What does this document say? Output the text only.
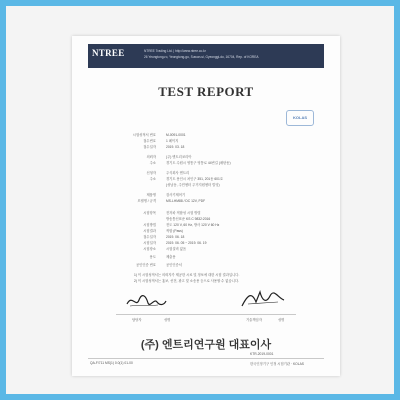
NTREE	NTREE Trading Ltd. | http://www.ntree.co.kr
26 Yeongtong-ro, Yeongtong-gu, Suwon-si, Gyeonggi-do, 16704, Rep. of KOREA
TEST REPORT
KOLAS
시험성적서 번호	M-0091-0001
접수번호	1 페이지
접수일자	2019. 03. 18
의뢰자	(주) 엔트리코리아
주소	경기도 수원시 영통구 영통로 44번길 (매탄동)
신청자	주식회사 엔트리
주소	경기도 용인시 처인구 351, 201동 601호
(성남동, 주민센터 주거지원센터 빌딩)
제품명	검사기제어기
모델명 / 규격	MS-LHM88 / DC 12V, PDF
시험항목	전자파 적합성 시험 방법
방송통신표준 KS C 9832:2016
시험방법	전도 120 V, 60 Hz, 방사 120 V 60 Hz
시험결과	적합 (Pass)
접수일자	2019. 06. 18
시험일자	2019. 06. 05 ~ 2019. 06. 19
시험장소	시험설비 없음
용도	제출용
공인인증 번호	공인인증서
1) 이 시험성적서는 의뢰자가 제공한 시료 및 정보에 대한 시험 결과입니다.
2) 이 시험성적서는 홍보, 선전, 광고 및 소송용 등으로 사용할 수 없습니다.
담당자	성명	기술책임자	성명
(주) 엔트리연구원 대표이사
QA-F/711 MS(1) 0.0(1) 01-00	한국인정기구 인정 시험기관 · KOLAS
KTR-2019-0001
